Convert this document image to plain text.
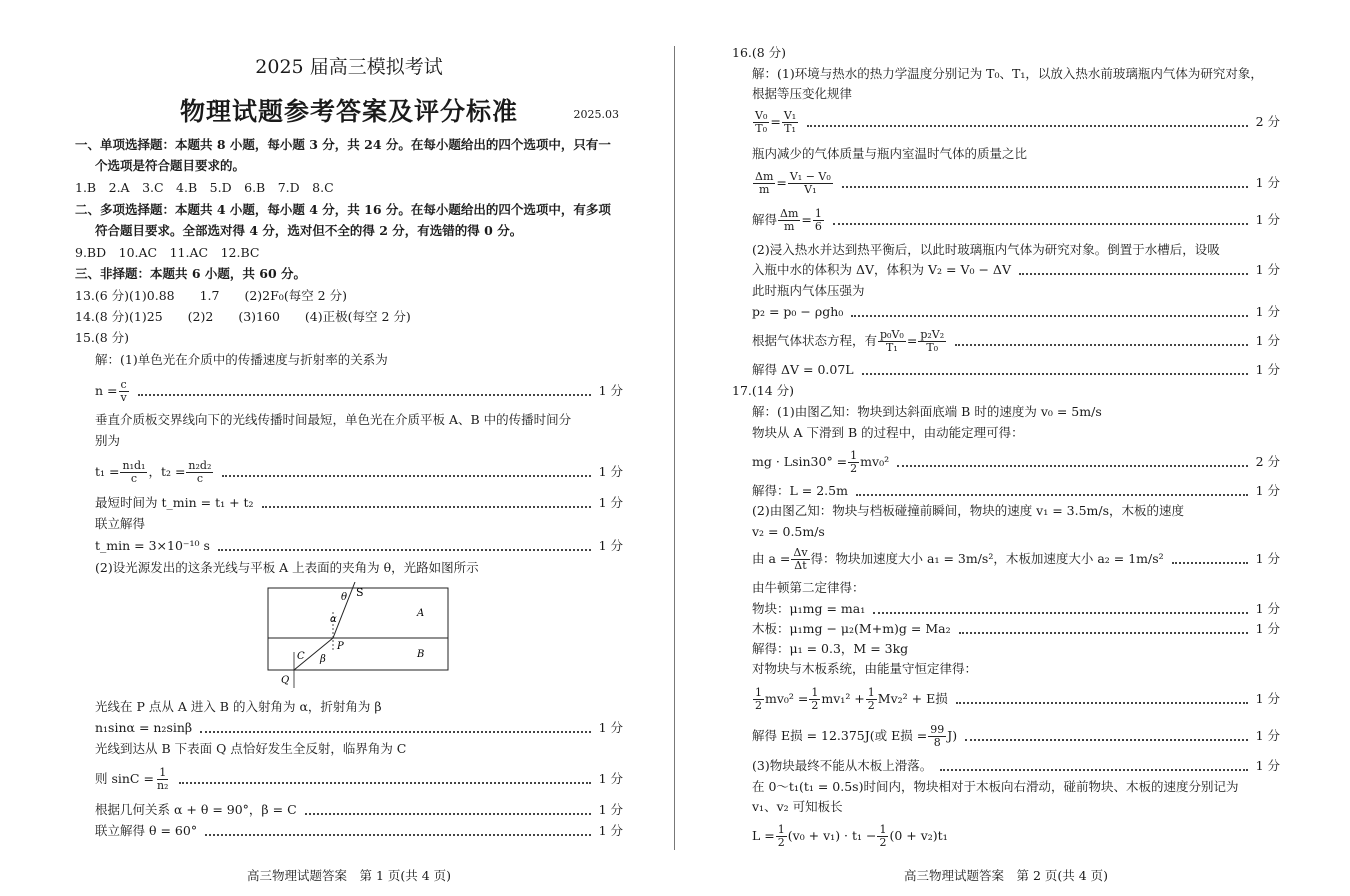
2025 届高三模拟考试
物理试题参考答案及评分标准	2025.03
一、单项选择题：本题共 8 小题，每小题 3 分，共 24 分。在每小题给出的四个选项中，只有一
个选项是符合题目要求的。
1.B　2.A　3.C　4.B　5.D　6.B　7.D　8.C
二、多项选择题：本题共 4 小题，每小题 4 分，共 16 分。在每小题给出的四个选项中，有多项
符合题目要求。全部选对得 4 分，选对但不全的得 2 分，有选错的得 0 分。
9.BD　10.AC　11.AC　12.BC
三、非择题：本题共 6 小题，共 60 分。
13.(6 分)(1)0.88　　1.7　　(2)2F₀(每空 2 分)
14.(8 分)(1)25　　(2)2　　(3)160　　(4)正极(每空 2 分)
15.(8 分)
解：(1)单色光在介质中的传播速度与折射率的关系为
$n = \frac{c}{v}$	1 分
垂直介质板交界线向下的光线传播时间最短，单色光在介质平板 A、B 中的传播时间分
别为
$t_1 = \frac{\text{n₁d₁}}{c}$ ，$t_2 = \frac{\text{n₂d₂}}{c}$	1 分
最短时间为 t_min = t₁ + t₂	1 分
联立解得
t_min = 3×10⁻¹⁰ s	1 分
(2)设光源发出的这条光线与平板 A 上表面的夹角为 θ，光路如图所示
S
θ
α
A
B
P
β
C
Q
光线在 P 点从 A 进入 B 的入射角为 α，折射角为 β
n₁sinα = n₂sinβ	1 分
光线到达从 B 下表面 Q 点恰好发生全反射，临界角为 C
则 $\sin C = \frac{1}{\text{n₂}}$	1 分
根据几何关系 α + θ = 90°，β = C	1 分
联立解得 θ = 60°	1 分
高三物理试题答案　第 1 页(共 4 页)
16.(8 分)
解：(1)环境与热水的热力学温度分别记为 T₀、T₁，以放入热水前玻璃瓶内气体为研究对象，
根据等压变化规律
$\frac{\text{V₀}}{\text{T₀}} = \frac{\text{V₁}}{\text{T₁}}$	2 分
瓶内减少的气体质量与瓶内室温时气体的质量之比
$\frac{\Delta m}{m} = \frac{\text{V₁ − V₀}}{\text{V₁}}$	1 分
解得 $\frac{\Delta m}{m} = \frac{1}{6}$	1 分
(2)浸入热水并达到热平衡后，以此时玻璃瓶内气体为研究对象。倒置于水槽后，设吸
入瓶中水的体积为 ΔV，体积为 V₂ = V₀ − ΔV	1 分
此时瓶内气体压强为
p₂ = p₀ − ρgh₀	1 分
根据气体状态方程，有 $\frac{\text{p₀V₀}}{\text{T₁}} = \frac{\text{p₂V₂}}{\text{T₀}}$	1 分
解得 ΔV = 0.07L	1 分
17.(14 分)
解：(1)由图乙知：物块到达斜面底端 B 时的速度为 v₀ = 5m/s
物块从 A 下滑到 B 的过程中，由动能定理可得：
mg · $Lsin30^\circ = \frac{1}{2} mv_0^2$	2 分
解得：L = 2.5m	1 分
(2)由图乙知：物块与档板碰撞前瞬间，物块的速度 v₁ = 3.5m/s，木板的速度
v₂ = 0.5m/s
由 $a = \frac{\Delta v}{\Delta t}$ 得：物块加速度大小 a₁ = 3m/s²，木板加速度大小 a₂ = 1m/s²	1 分
由牛顿第二定律得：
物块：μ₁mg = ma₁	1 分
木板：μ₁mg − μ₂(M+m)g = Ma₂	1 分
解得：μ₁ = 0.3，M = 3kg
对物块与木板系统，由能量守恒定律得：
$\frac{1}{2} mv_0^2 = \frac{1}{2} mv_1^2 + \frac{1}{2} Mv_2^2 + E$损	1 分
解得 E损 = 12.375J(或 E损 = $\frac{99}{8} J$)	1 分
(3)物块最终不能从木板上滑落。	1 分
在 0～t₁(t₁ = 0.5s)时间内，物块相对于木板向右滑动，碰前物块、木板的速度分别记为
v₁、v₂ 可知板长
$L = \frac{1}{2} (v_0 + v_1) \cdot t_1 - \frac{1}{2} (0 + v_2)t_1$
高三物理试题答案　第 2 页(共 4 页)
